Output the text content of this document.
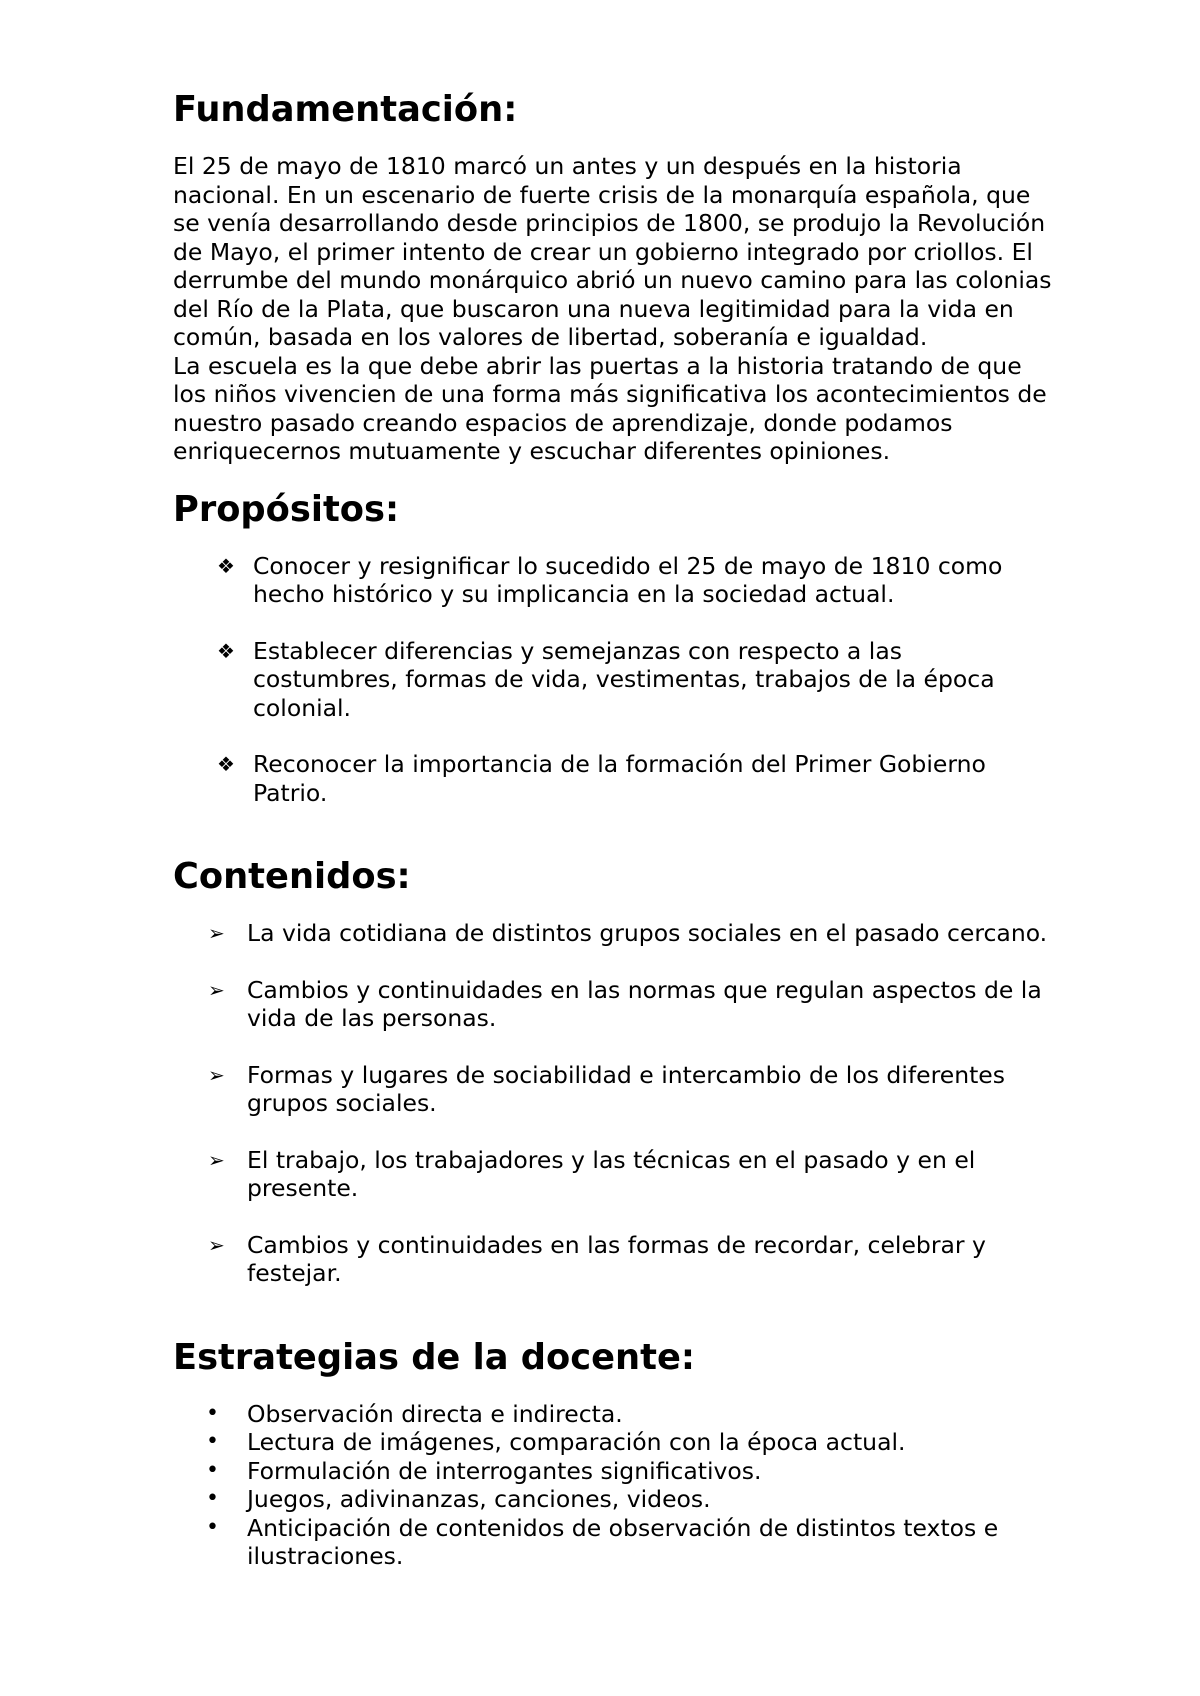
Fundamentación:

El 25 de mayo de 1810 marcó un antes y un después en la historia nacional. En un escenario de fuerte crisis de la monarquía española, que se venía desarrollando desde principios de 1800, se produjo la Revolución de Mayo, el primer intento de crear un gobierno integrado por criollos. El derrumbe del mundo monárquico abrió un nuevo camino para las colonias del Río de la Plata, que buscaron una nueva legitimidad para la vida en común, basada en los valores de libertad, soberanía e igualdad.

La escuela es la que debe abrir las puertas a la historia tratando de que los niños vivencien de una forma más significativa los acontecimientos de nuestro pasado creando espacios de aprendizaje, donde podamos enriquecernos mutuamente y escuchar diferentes opiniones.

Propósitos:
❖ Conocer y resignificar lo sucedido el 25 de mayo de 1810 como hecho histórico y su implicancia en la sociedad actual.
❖ Establecer diferencias y semejanzas con respecto a las costumbres, formas de vida, vestimentas, trabajos de la época colonial.
❖ Reconocer la importancia de la formación del Primer Gobierno Patrio.
Contenidos:
➢ La vida cotidiana de distintos grupos sociales en el pasado cercano.
➢ Cambios y continuidades en las normas que regulan aspectos de la vida de las personas.
➢ Formas y lugares de sociabilidad e intercambio de los diferentes grupos sociales.
➢ El trabajo, los trabajadores y las técnicas en el pasado y en el presente.
➢ Cambios y continuidades en las formas de recordar, celebrar y festejar.
Estrategias de la docente:
• Observación directa e indirecta.
• Lectura de imágenes, comparación con la época actual.
• Formulación de interrogantes significativos.
• Juegos, adivinanzas, canciones, videos.
• Anticipación de contenidos de observación de distintos textos e ilustraciones.
